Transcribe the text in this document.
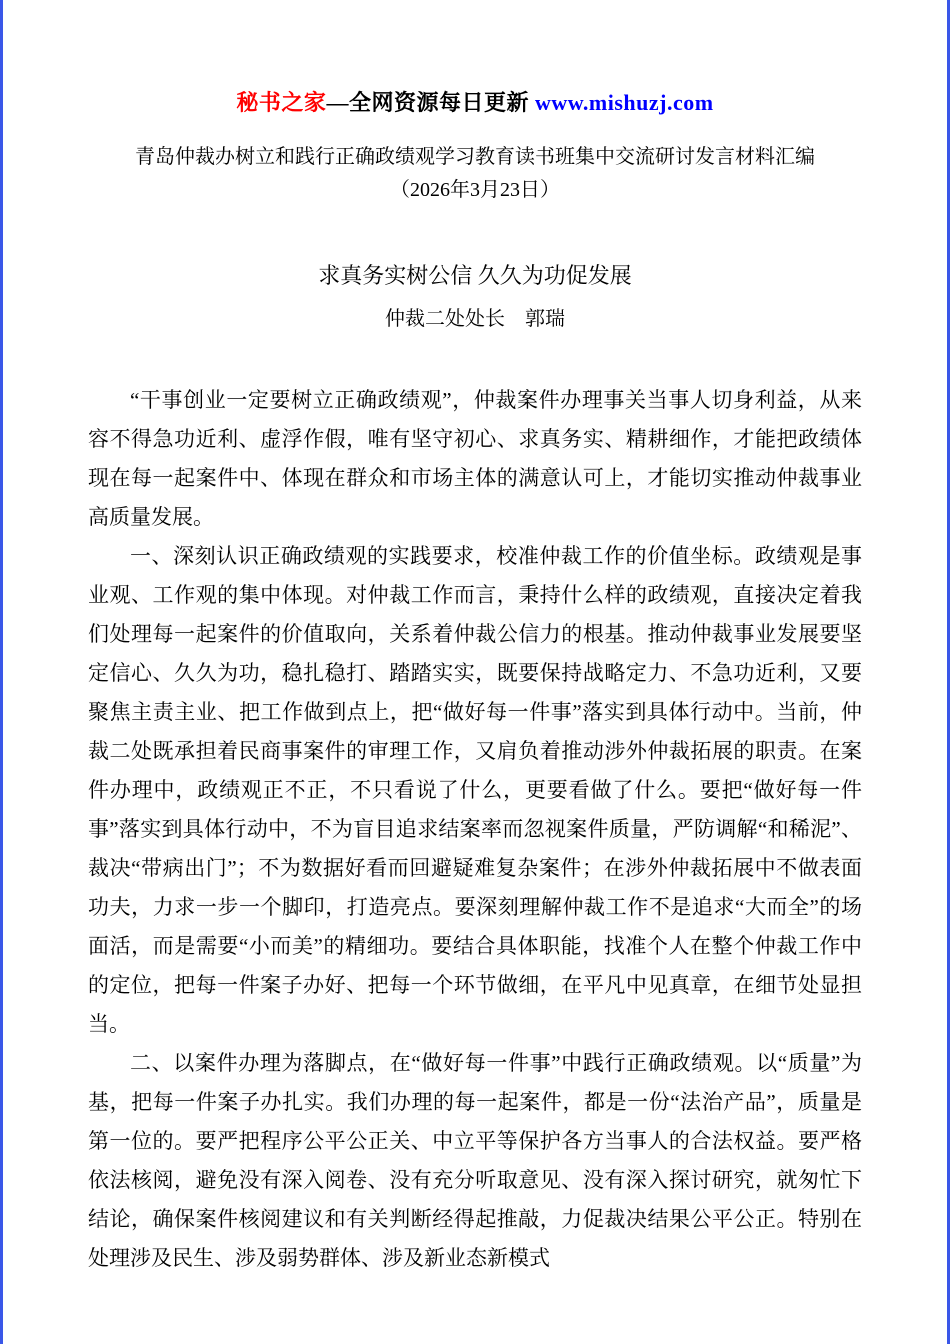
秘书之家—全网资源每日更新 www.mishuzj.com
青岛仲裁办树立和践行正确政绩观学习教育读书班集中交流研讨发言材料汇编
（2026年3月23日）
求真务实树公信 久久为功促发展
仲裁二处处长　郭瑞

“干事创业一定要树立正确政绩观”，仲裁案件办理事关当事人切身利益，从来容不得急功近利、虚浮作假，唯有坚守初心、求真务实、精耕细作，才能把政绩体现在每一起案件中、体现在群众和市场主体的满意认可上，才能切实推动仲裁事业高质量发展。

一、深刻认识正确政绩观的实践要求，校准仲裁工作的价值坐标。政绩观是事业观、工作观的集中体现。对仲裁工作而言，秉持什么样的政绩观，直接决定着我们处理每一起案件的价值取向，关系着仲裁公信力的根基。推动仲裁事业发展要坚定信心、久久为功，稳扎稳打、踏踏实实，既要保持战略定力、不急功近利，又要聚焦主责主业、把工作做到点上，把“做好每一件事”落实到具体行动中。当前，仲裁二处既承担着民商事案件的审理工作，又肩负着推动涉外仲裁拓展的职责。在案件办理中，政绩观正不正，不只看说了什么，更要看做了什么。要把“做好每一件事”落实到具体行动中，不为盲目追求结案率而忽视案件质量，严防调解“和稀泥”、裁决“带病出门”；不为数据好看而回避疑难复杂案件；在涉外仲裁拓展中不做表面功夫，力求一步一个脚印，打造亮点。要深刻理解仲裁工作不是追求“大而全”的场面活，而是需要“小而美”的精细功。要结合具体职能，找准个人在整个仲裁工作中的定位，把每一件案子办好、把每一个环节做细，在平凡中见真章，在细节处显担当。

二、以案件办理为落脚点，在“做好每一件事”中践行正确政绩观。以“质量”为基，把每一件案子办扎实。我们办理的每一起案件，都是一份“法治产品”，质量是第一位的。要严把程序公平公正关、中立平等保护各方当事人的合法权益。要严格依法核阅，避免没有深入阅卷、没有充分听取意见、没有深入探讨研究，就匆忙下结论，确保案件核阅建议和有关判断经得起推敲，力促裁决结果公平公正。特别在处理涉及民生、涉及弱势群体、涉及新业态新模式
